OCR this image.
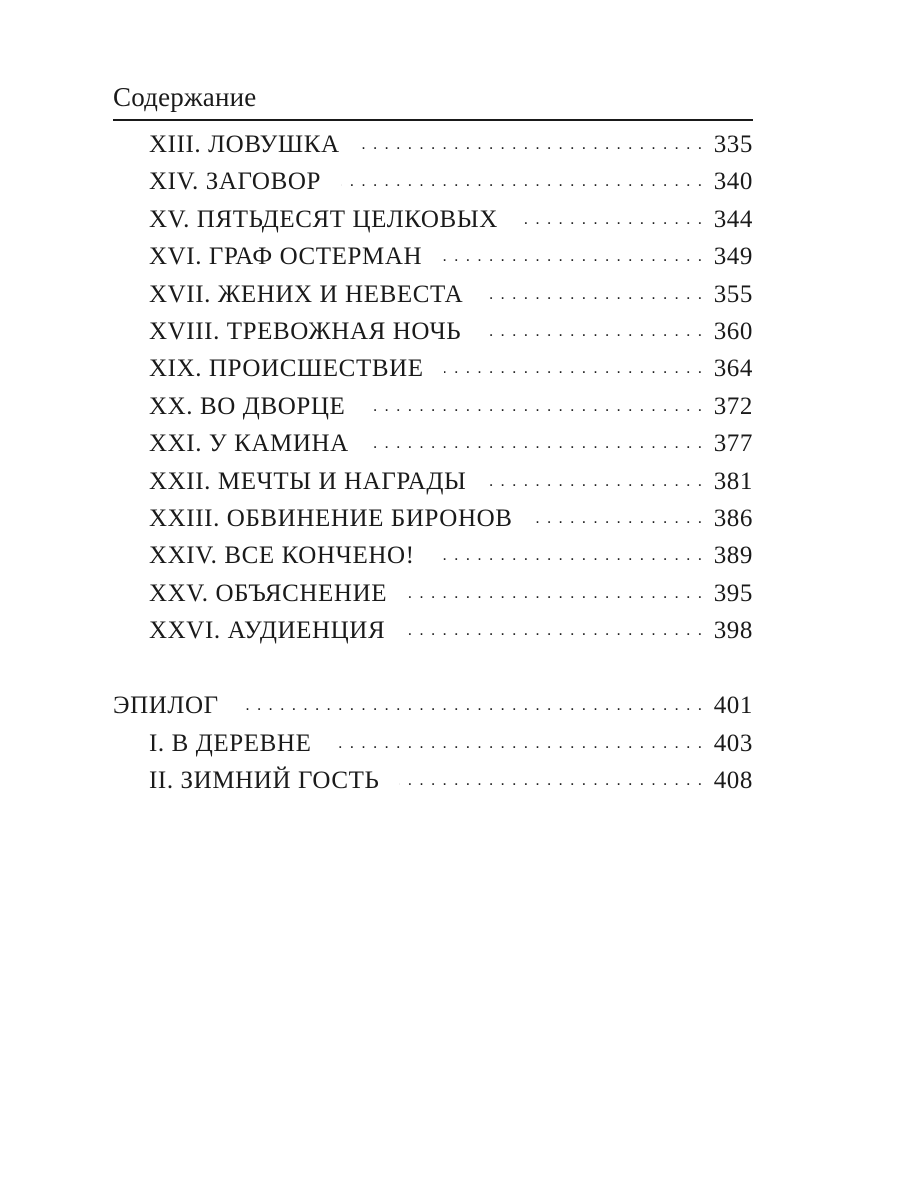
Содержание
XIII. ЛОВУШКА . . .	335
XIV. ЗАГОВОР . . .	340
XV. ПЯТЬДЕСЯТ ЦЕЛКОВЫХ . . .	344
XVI. ГРАФ ОСТЕРМАН . . .	349
XVII. ЖЕНИХ И НЕВЕСТА . . .	355
XVIII. ТРЕВОЖНАЯ НОЧЬ . . .	360
XIX. ПРОИСШЕСТВИЕ . . .	364
XX. ВО ДВОРЦЕ . . .	372
XXI. У КАМИНА . . .	377
XXII. МЕЧТЫ И НАГРАДЫ . . .	381
XXIII. ОБВИНЕНИЕ БИРОНОВ . . .	386
XXIV. ВСЕ КОНЧЕНО! . . .	389
XXV. ОБЪЯСНЕНИЕ . . .	395
XXVI. АУДИЕНЦИЯ . . .	398
ЭПИЛОГ . . .	401
I. В ДЕРЕВНЕ . . .	403
II. ЗИМНИЙ ГОСТЬ . . .	408
